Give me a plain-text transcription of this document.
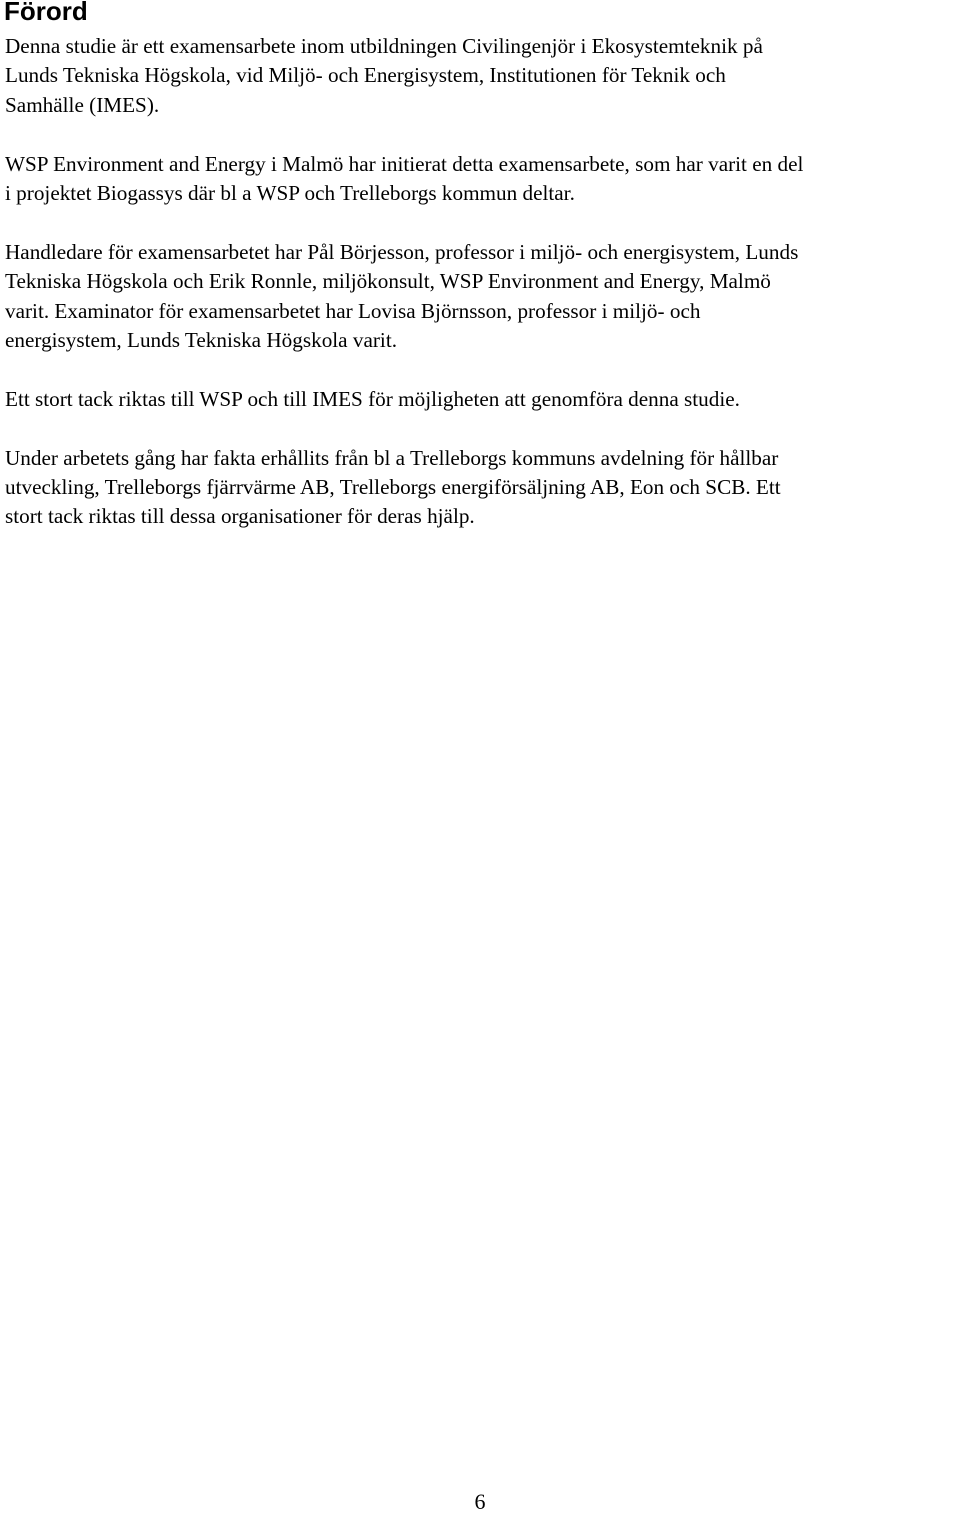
Förord

Denna studie är ett examensarbete inom utbildningen Civilingenjör i Ekosystemteknik på
Lunds Tekniska Högskola, vid Miljö- och Energisystem, Institutionen för Teknik och
Samhälle (IMES).

WSP Environment and Energy i Malmö har initierat detta examensarbete, som har varit en del
i projektet Biogassys där bl a WSP och Trelleborgs kommun deltar.

Handledare för examensarbetet har Pål Börjesson, professor i miljö- och energisystem, Lunds
Tekniska Högskola och Erik Ronnle, miljökonsult, WSP Environment and Energy, Malmö
varit. Examinator för examensarbetet har Lovisa Björnsson, professor i miljö- och
energisystem, Lunds Tekniska Högskola varit.

Ett stort tack riktas till WSP och till IMES för möjligheten att genomföra denna studie.

Under arbetets gång har fakta erhållits från bl a Trelleborgs kommuns avdelning för hållbar
utveckling, Trelleborgs fjärrvärme AB, Trelleborgs energiförsäljning AB, Eon och SCB. Ett
stort tack riktas till dessa organisationer för deras hjälp.

6
